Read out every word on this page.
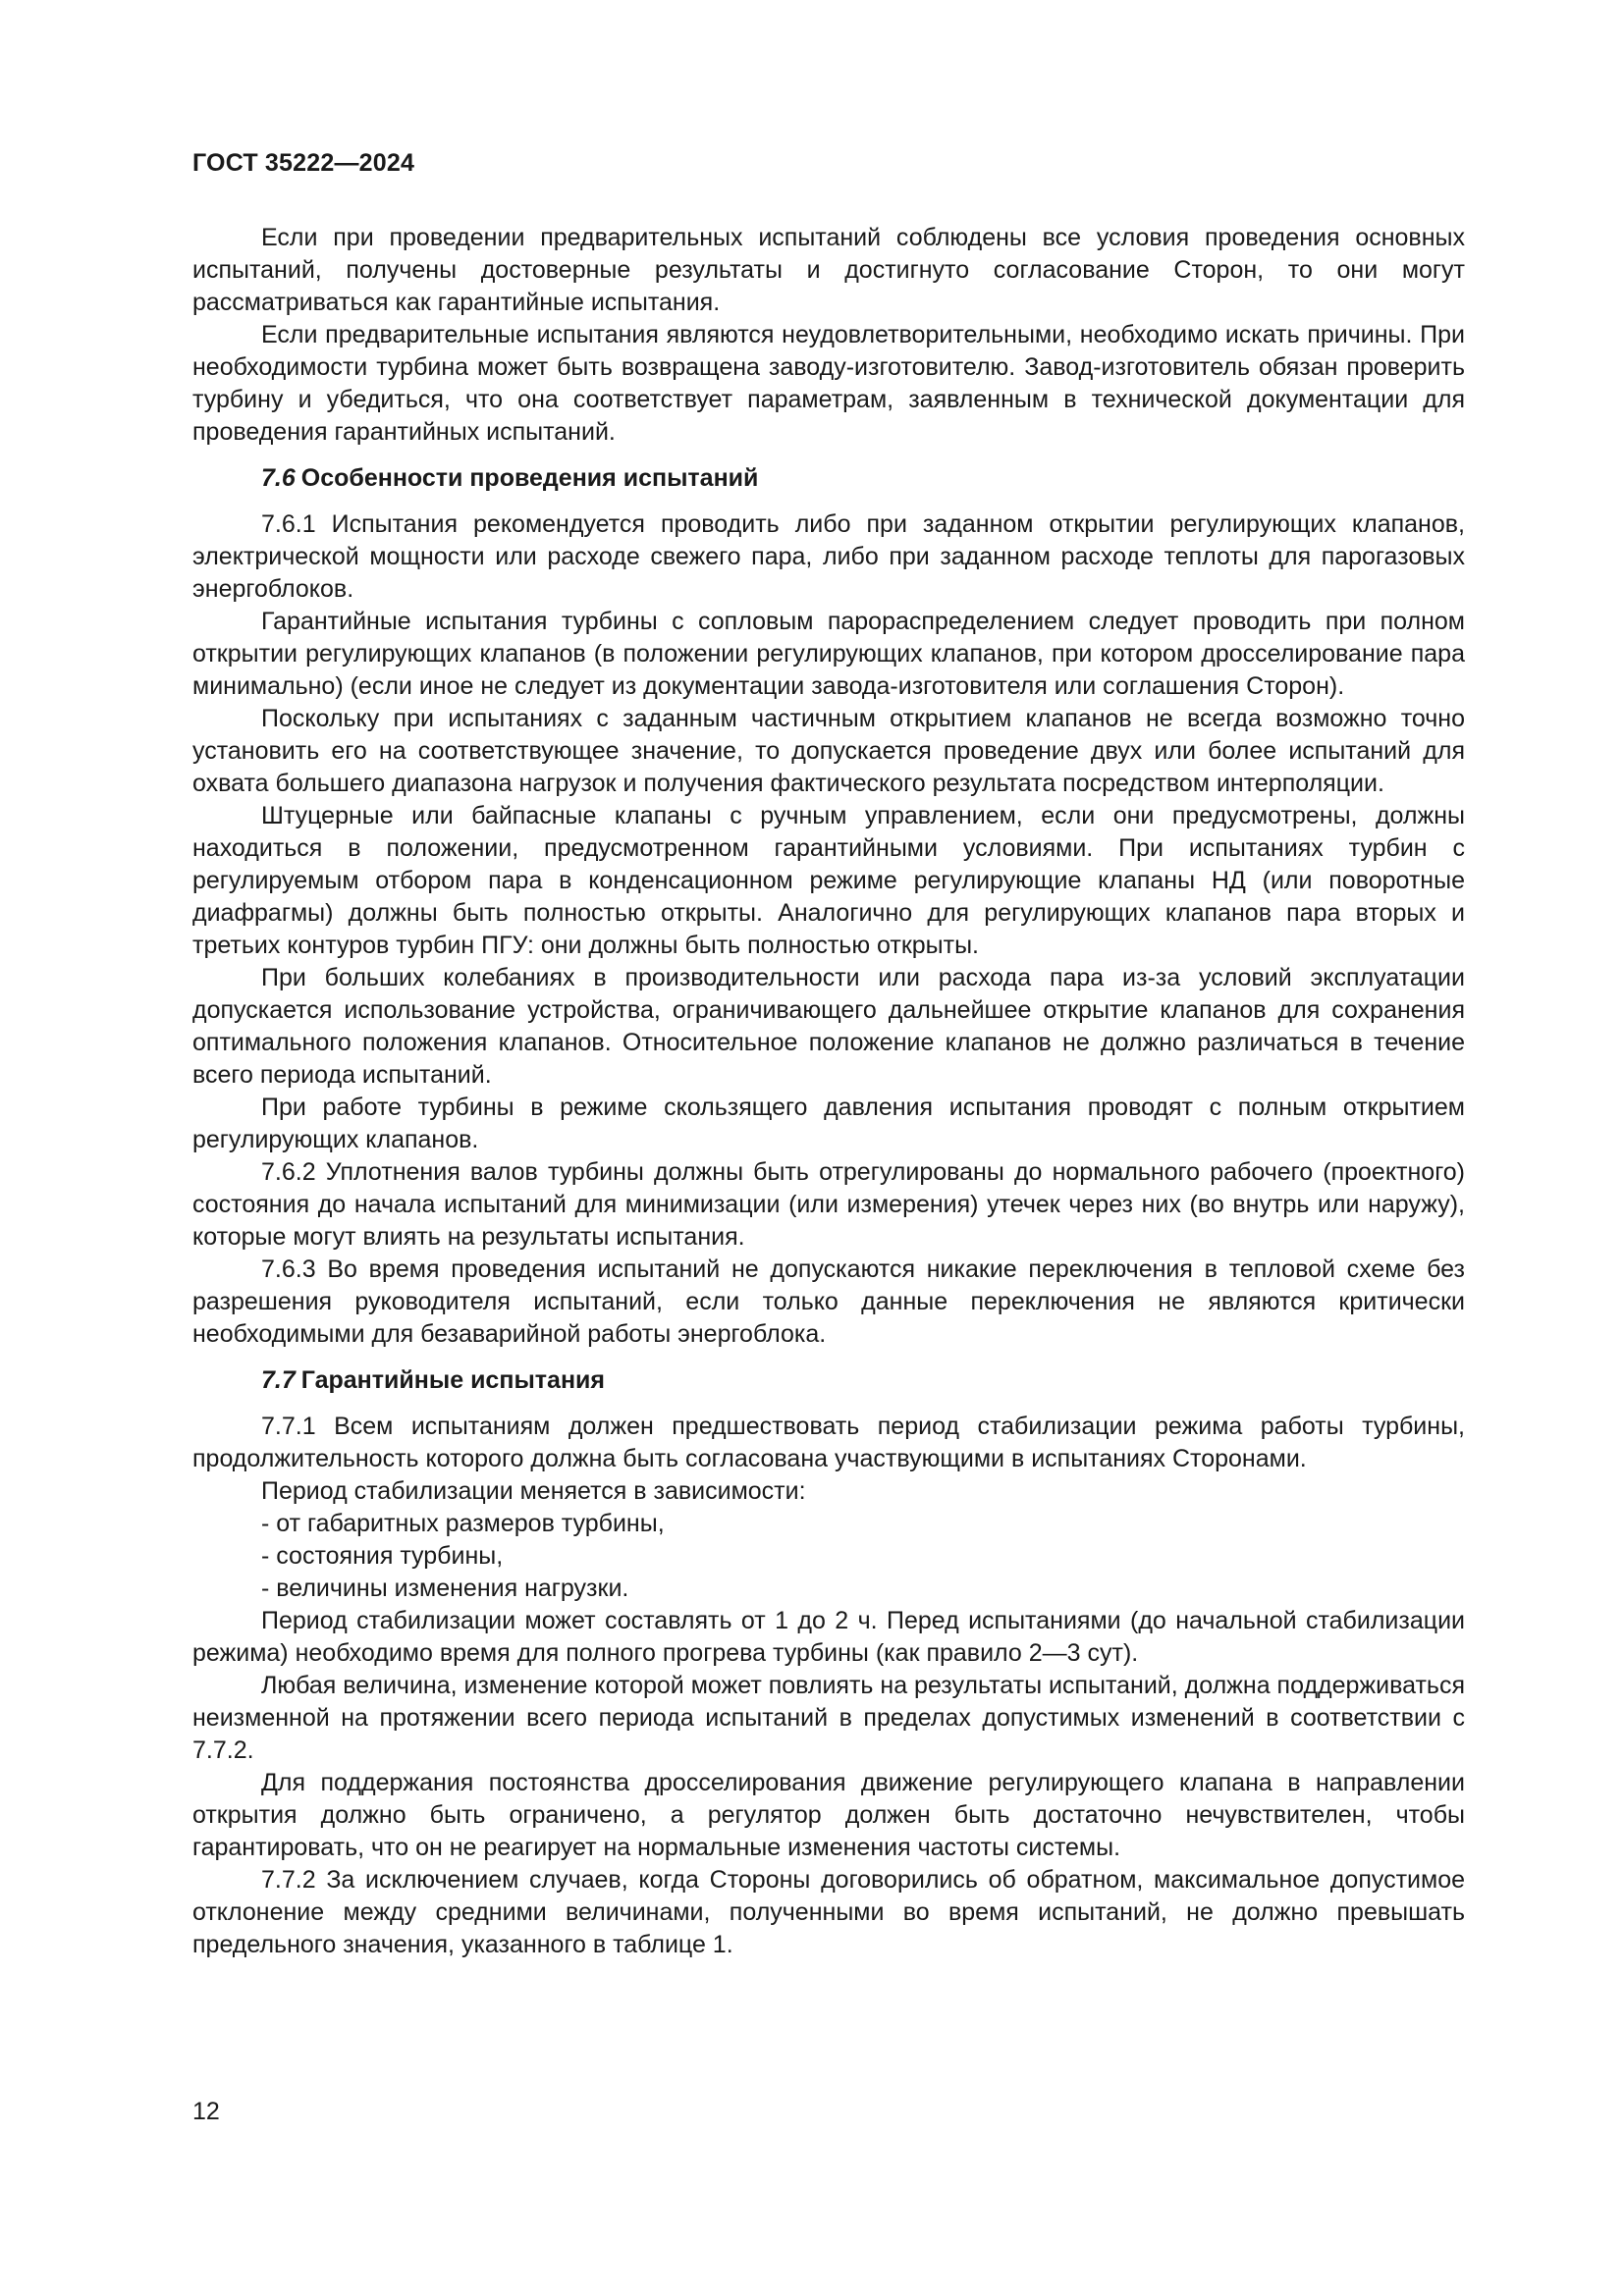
ГОСТ 35222—2024

Если при проведении предварительных испытаний соблюдены все условия проведения основных испытаний, получены достоверные результаты и достигнуто согласование Сторон, то они могут рассматриваться как гарантийные испытания.

Если предварительные испытания являются неудовлетворительными, необходимо искать причины. При необходимости турбина может быть возвращена заводу-изготовителю. Завод-изготовитель обязан проверить турбину и убедиться, что она соответствует параметрам, заявленным в технической документации для проведения гарантийных испытаний.

7.6 Особенности проведения испытаний

7.6.1 Испытания рекомендуется проводить либо при заданном открытии регулирующих клапанов, электрической мощности или расходе свежего пара, либо при заданном расходе теплоты для парогазовых энергоблоков.

Гарантийные испытания турбины с сопловым парораспределением следует проводить при полном открытии регулирующих клапанов (в положении регулирующих клапанов, при котором дросселирование пара минимально) (если иное не следует из документации завода-изготовителя или соглашения Сторон).

Поскольку при испытаниях с заданным частичным открытием клапанов не всегда возможно точно установить его на соответствующее значение, то допускается проведение двух или более испытаний для охвата большего диапазона нагрузок и получения фактического результата посредством интерполяции.

Штуцерные или байпасные клапаны с ручным управлением, если они предусмотрены, должны находиться в положении, предусмотренном гарантийными условиями. При испытаниях турбин с регулируемым отбором пара в конденсационном режиме регулирующие клапаны НД (или поворотные диафрагмы) должны быть полностью открыты. Аналогично для регулирующих клапанов пара вторых и третьих контуров турбин ПГУ: они должны быть полностью открыты.

При больших колебаниях в производительности или расхода пара из-за условий эксплуатации допускается использование устройства, ограничивающего дальнейшее открытие клапанов для сохранения оптимального положения клапанов. Относительное положение клапанов не должно различаться в течение всего периода испытаний.

При работе турбины в режиме скользящего давления испытания проводят с полным открытием регулирующих клапанов.

7.6.2 Уплотнения валов турбины должны быть отрегулированы до нормального рабочего (проектного) состояния до начала испытаний для минимизации (или измерения) утечек через них (во внутрь или наружу), которые могут влиять на результаты испытания.

7.6.3 Во время проведения испытаний не допускаются никакие переключения в тепловой схеме без разрешения руководителя испытаний, если только данные переключения не являются критически необходимыми для безаварийной работы энергоблока.

7.7 Гарантийные испытания

7.7.1 Всем испытаниям должен предшествовать период стабилизации режима работы турбины, продолжительность которого должна быть согласована участвующими в испытаниях Сторонами.

Период стабилизации меняется в зависимости:

- от габаритных размеров турбины,

- состояния турбины,

- величины изменения нагрузки.

Период стабилизации может составлять от 1 до 2 ч. Перед испытаниями (до начальной стабилизации режима) необходимо время для полного прогрева турбины (как правило 2—3 сут).

Любая величина, изменение которой может повлиять на результаты испытаний, должна поддерживаться неизменной на протяжении всего периода испытаний в пределах допустимых изменений в соответствии с 7.7.2.

Для поддержания постоянства дросселирования движение регулирующего клапана в направлении открытия должно быть ограничено, а регулятор должен быть достаточно нечувствителен, чтобы гарантировать, что он не реагирует на нормальные изменения частоты системы.

7.7.2 За исключением случаев, когда Стороны договорились об обратном, максимальное допустимое отклонение между средними величинами, полученными во время испытаний, не должно превышать предельного значения, указанного в таблице 1.

12
